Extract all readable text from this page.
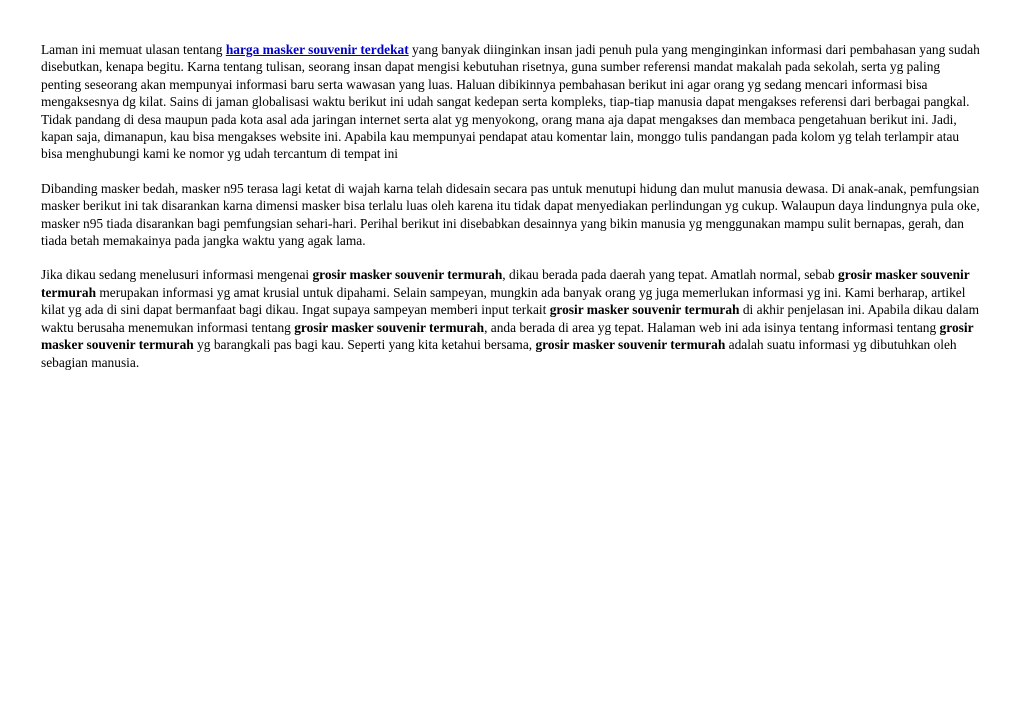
Laman ini memuat ulasan tentang harga masker souvenir terdekat yang banyak diinginkan insan jadi penuh pula yang menginginkan informasi dari pembahasan yang sudah disebutkan, kenapa begitu. Karna tentang tulisan, seorang insan dapat mengisi kebutuhan risetnya, guna sumber referensi mandat makalah pada sekolah, serta yg paling penting seseorang akan mempunyai informasi baru serta wawasan yang luas. Haluan dibikinnya pembahasan berikut ini agar orang yg sedang mencari informasi bisa mengaksesnya dg kilat. Sains di jaman globalisasi waktu berikut ini udah sangat kedepan serta kompleks, tiap-tiap manusia dapat mengakses referensi dari berbagai pangkal. Tidak pandang di desa maupun pada kota asal ada jaringan internet serta alat yg menyokong, orang mana aja dapat mengakses dan membaca pengetahuan berikut ini. Jadi, kapan saja, dimanapun, kau bisa mengakses website ini. Apabila kau mempunyai pendapat atau komentar lain, monggo tulis pandangan pada kolom yg telah terlampir atau bisa menghubungi kami ke nomor yg udah tercantum di tempat ini

Dibanding masker bedah, masker n95 terasa lagi ketat di wajah karna telah didesain secara pas untuk menutupi hidung dan mulut manusia dewasa. Di anak-anak, pemfungsian masker berikut ini tak disarankan karna dimensi masker bisa terlalu luas oleh karena itu tidak dapat menyediakan perlindungan yg cukup. Walaupun daya lindungnya pula oke, masker n95 tiada disarankan bagi pemfungsian sehari-hari. Perihal berikut ini disebabkan desainnya yang bikin manusia yg menggunakan mampu sulit bernapas, gerah, dan tiada betah memakainya pada jangka waktu yang agak lama.

Jika dikau sedang menelusuri informasi mengenai grosir masker souvenir termurah, dikau berada pada daerah yang tepat. Amatlah normal, sebab grosir masker souvenir termurah merupakan informasi yg amat krusial untuk dipahami. Selain sampeyan, mungkin ada banyak orang yg juga memerlukan informasi yg ini. Kami berharap, artikel kilat yg ada di sini dapat bermanfaat bagi dikau. Ingat supaya sampeyan memberi input terkait grosir masker souvenir termurah di akhir penjelasan ini. Apabila dikau dalam waktu berusaha menemukan informasi tentang grosir masker souvenir termurah, anda berada di area yg tepat. Halaman web ini ada isinya tentang informasi tentang grosir masker souvenir termurah yg barangkali pas bagi kau. Seperti yang kita ketahui bersama, grosir masker souvenir termurah adalah suatu informasi yg dibutuhkan oleh sebagian manusia.
